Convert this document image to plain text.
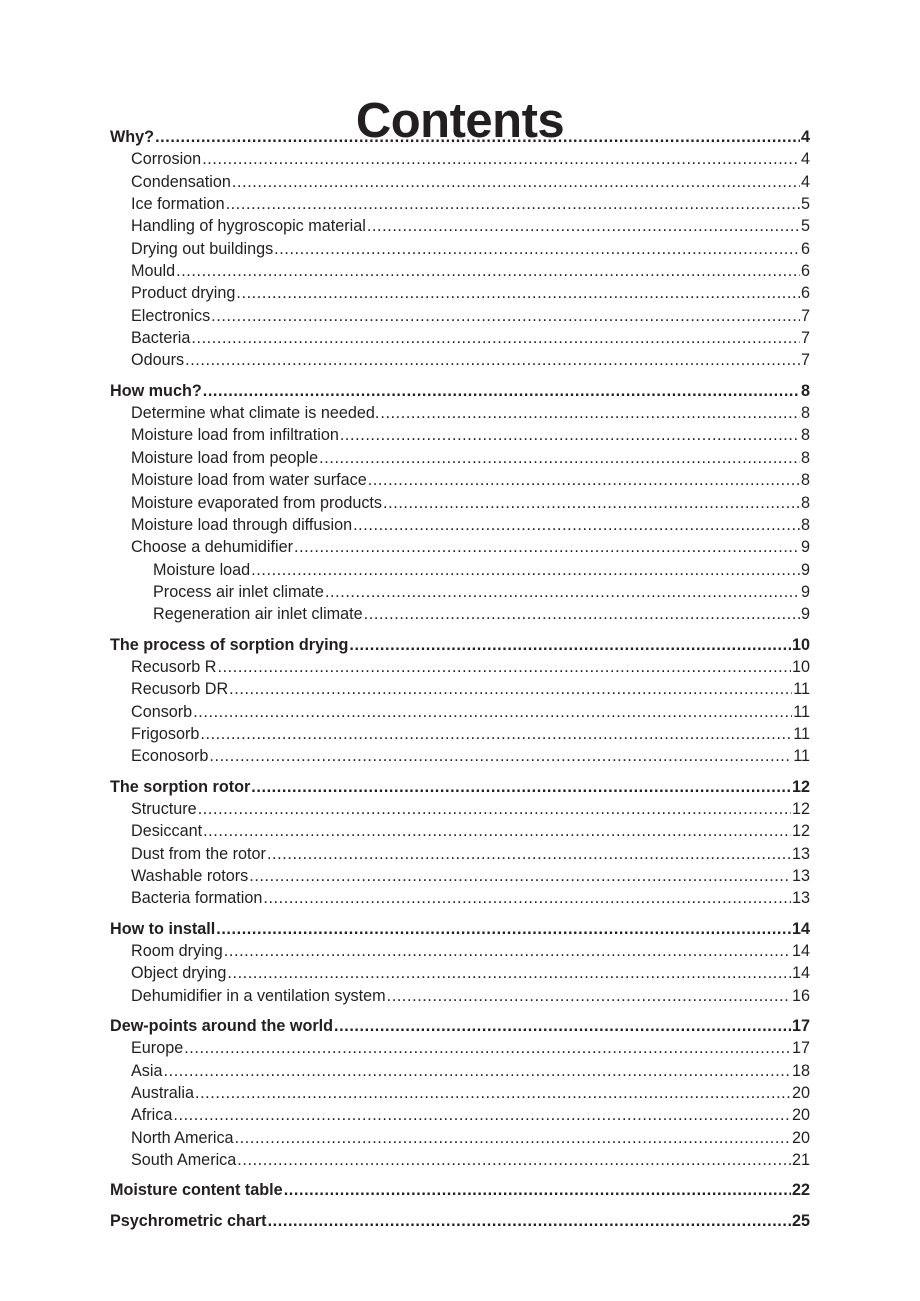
Contents
Why? .....	4
Corrosion .....	4
Condensation .....	4
Ice formation .....	5
Handling of hygroscopic material .....	5
Drying out buildings .....	6
Mould .....	6
Product drying .....	6
Electronics .....	7
Bacteria .....	7
Odours .....	7
How much? .....	8
Determine what climate is needed. .....	8
Moisture load from infiltration .....	8
Moisture load from people .....	8
Moisture load from water surface .....	8
Moisture evaporated from products .....	8
Moisture load through diffusion .....	8
Choose a dehumidifier .....	9
Moisture load .....	9
Process air inlet climate .....	9
Regeneration air inlet climate .....	9
The process of sorption drying .....	10
Recusorb R .....	10
Recusorb DR .....	11
Consorb .....	11
Frigosorb .....	11
Econosorb .....	11
The sorption rotor .....	12
Structure .....	12
Desiccant .....	12
Dust from the rotor .....	13
Washable rotors .....	13
Bacteria formation .....	13
How to install .....	14
Room drying .....	14
Object drying .....	14
Dehumidifier in a ventilation system .....	16
Dew-points around the world .....	17
Europe .....	17
Asia .....	18
Australia .....	20
Africa .....	20
North America .....	20
South America .....	21
Moisture content table .....	22
Psychrometric chart .....	25
